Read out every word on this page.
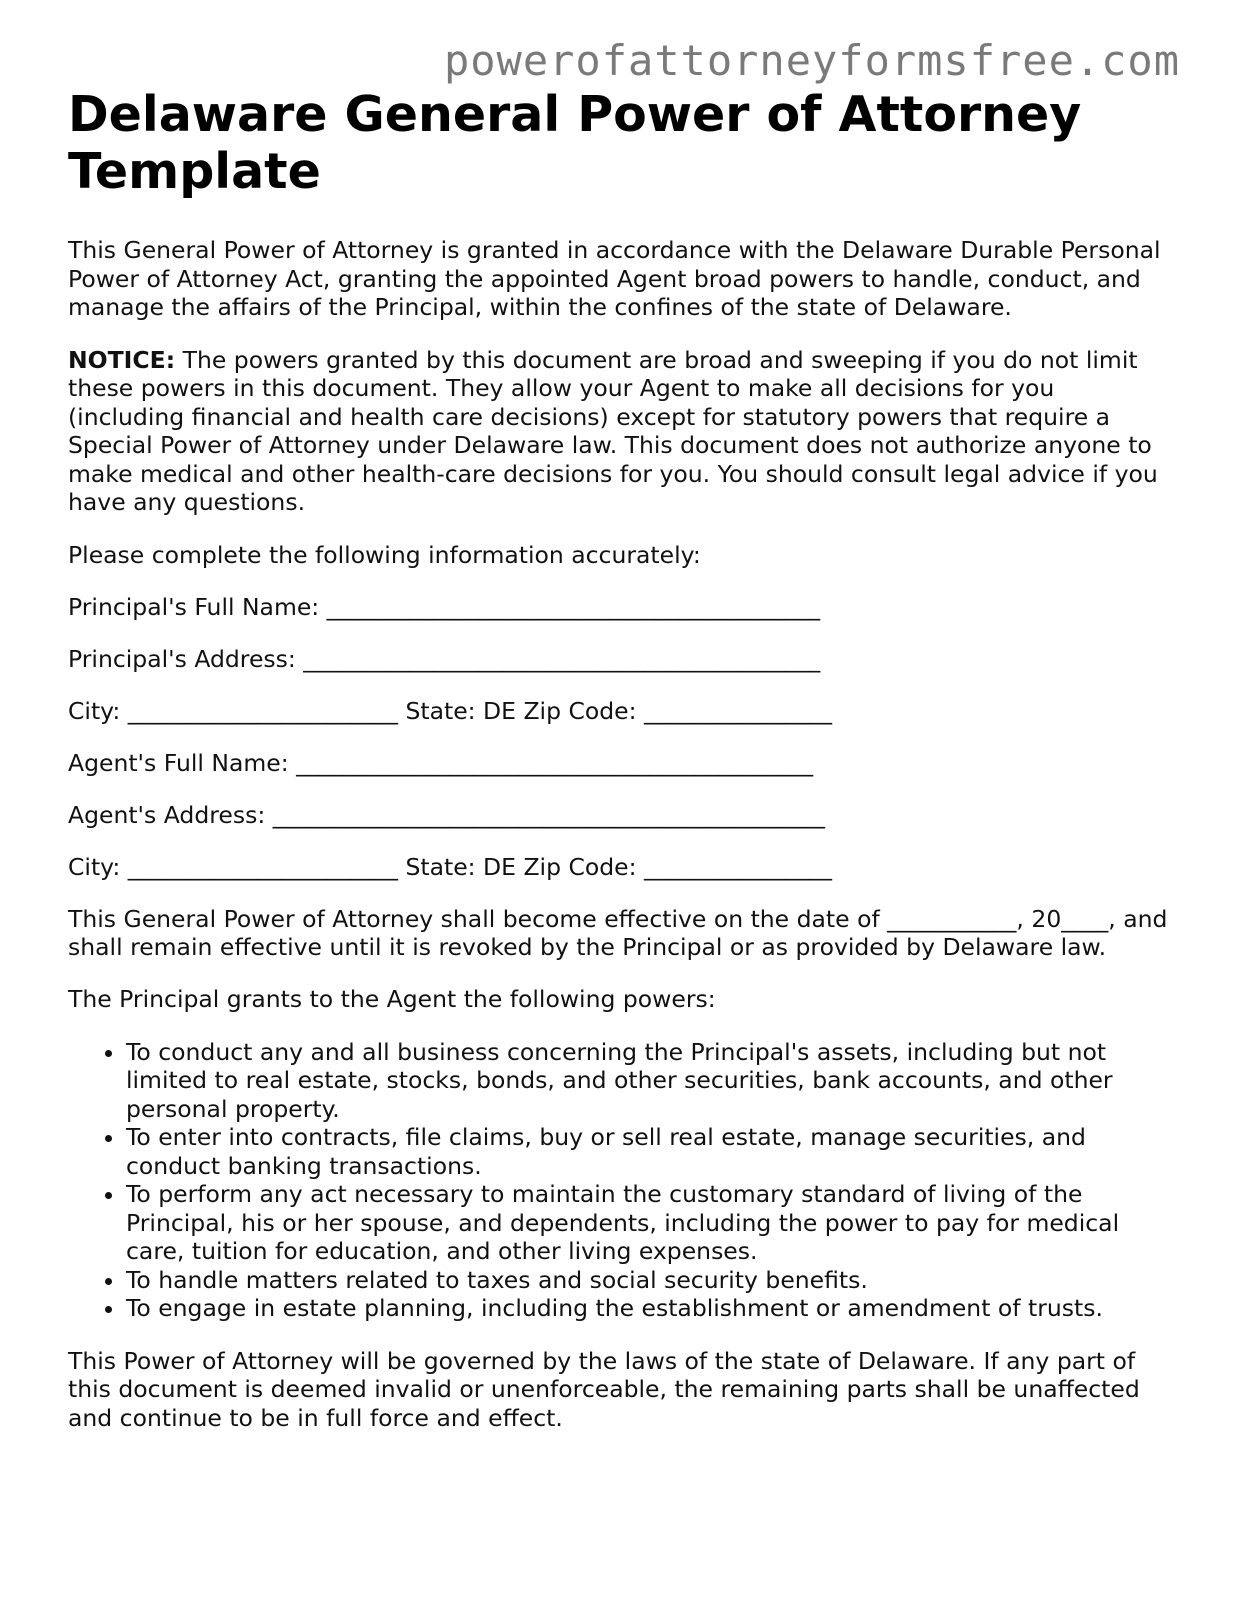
powerofattorneyformsfree.com
Delaware General Power of Attorney Template

This General Power of Attorney is granted in accordance with the Delaware Durable Personal Power of Attorney Act, granting the appointed Agent broad powers to handle, conduct, and manage the affairs of the Principal, within the confines of the state of Delaware.

NOTICE: The powers granted by this document are broad and sweeping if you do not limit these powers in this document. They allow your Agent to make all decisions for you (including financial and health care decisions) except for statutory powers that require a Special Power of Attorney under Delaware law. This document does not authorize anyone to make medical and other health-care decisions for you. You should consult legal advice if you have any questions.

Please complete the following information accurately:

Principal's Full Name: __________________________________________

Principal's Address: ____________________________________________

City: _______________________ State: DE Zip Code: ________________

Agent's Full Name: ____________________________________________

Agent's Address: _______________________________________________

City: _______________________ State: DE Zip Code: ________________

This General Power of Attorney shall become effective on the date of ___________, 20____, and shall remain effective until it is revoked by the Principal or as provided by Delaware law.

The Principal grants to the Agent the following powers:

• To conduct any and all business concerning the Principal's assets, including but not limited to real estate, stocks, bonds, and other securities, bank accounts, and other personal property.
• To enter into contracts, file claims, buy or sell real estate, manage securities, and conduct banking transactions.
• To perform any act necessary to maintain the customary standard of living of the Principal, his or her spouse, and dependents, including the power to pay for medical care, tuition for education, and other living expenses.
• To handle matters related to taxes and social security benefits.
• To engage in estate planning, including the establishment or amendment of trusts.

This Power of Attorney will be governed by the laws of the state of Delaware. If any part of this document is deemed invalid or unenforceable, the remaining parts shall be unaffected and continue to be in full force and effect.
